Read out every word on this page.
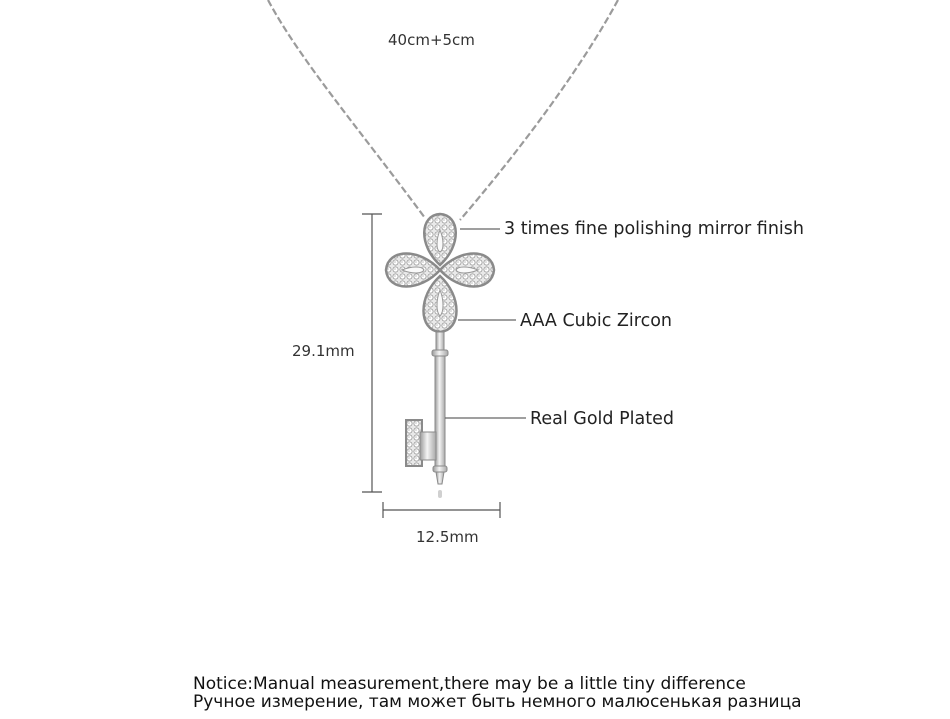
40cm+5cm
3 times fine polishing mirror finish
AAA Cubic Zircon
Real Gold Plated
29.1mm
12.5mm
Notice:Manual measurement,there may be a little tiny difference
Ручное измерение, там может быть немного малюсенькая разница
